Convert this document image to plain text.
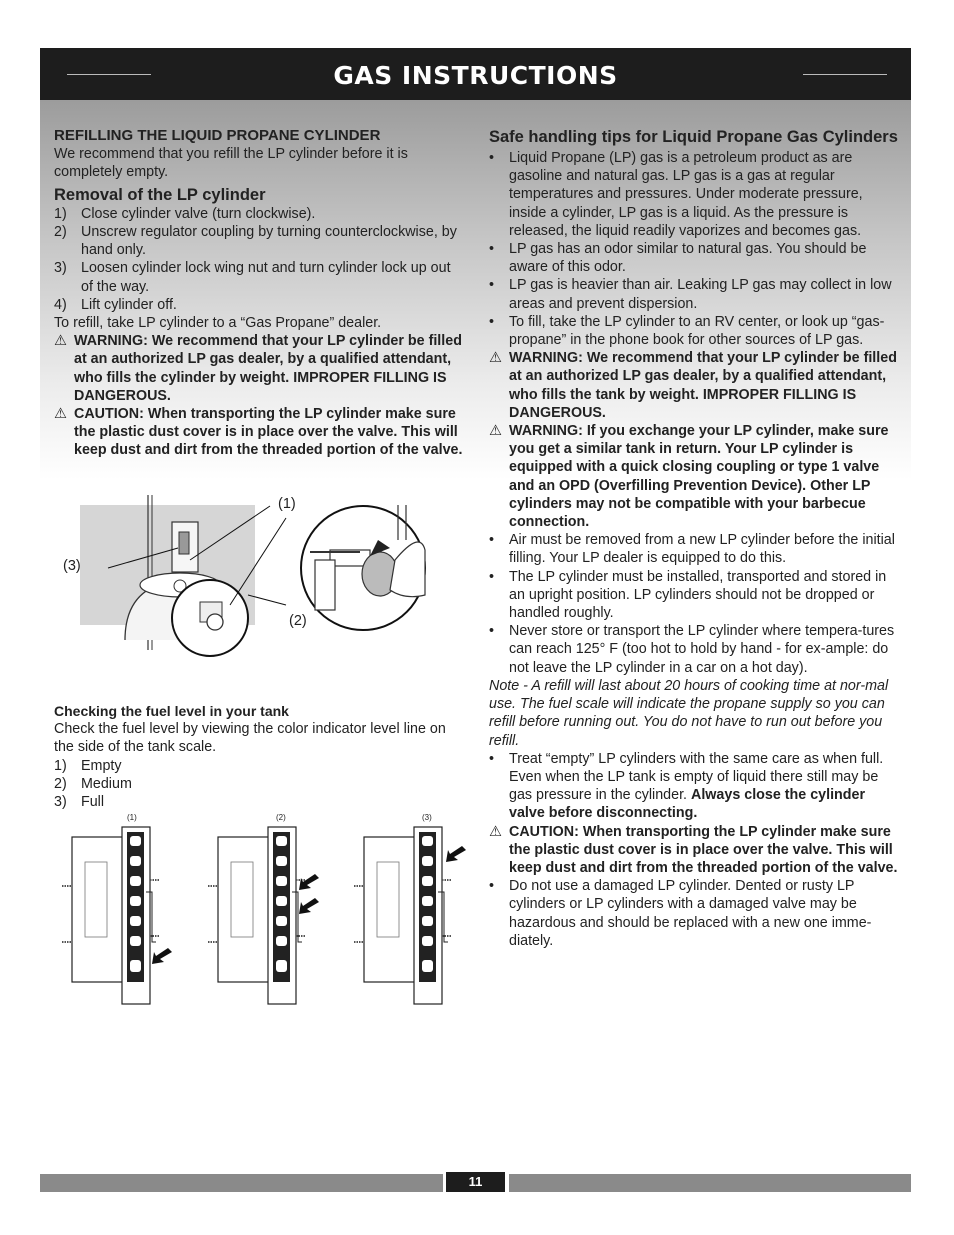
GAS INSTRUCTIONS
REFILLING THE LIQUID PROPANE CYLINDER

We recommend that you refill the LP cylinder before it is completely empty.

Removal of the LP cylinder
1) Close cylinder valve (turn clockwise).
2) Unscrew regulator coupling by turning counterclockwise, by hand only.
3) Loosen cylinder lock wing nut and turn cylinder lock up out of the way.
4) Lift cylinder off.

To refill, take LP cylinder to a “Gas Propane” dealer.

⚠ WARNING: We recommend that your LP cylinder be filled at an authorized LP gas dealer, by a qualified attendant, who fills the cylinder by weight. IMPROPER FILLING IS DANGEROUS.
⚠ CAUTION: When transporting the LP cylinder make sure the plastic dust cover is in place over the valve. This will keep dust and dirt from the threaded portion of the valve.
(1)
(2)
(3)
Checking the fuel level in your tank

Check the fuel level by viewing the color indicator level line on the side of the tank scale.

1) Empty
2) Medium
3) Full
(1)	(2)	(3)
Safe handling tips for Liquid Propane Gas Cylinders
• Liquid Propane (LP) gas is a petroleum product as are gasoline and natural gas. LP gas is a gas at regular temperatures and pressures. Under moderate pressure, inside a cylinder, LP gas is a liquid. As the pressure is released, the liquid readily vaporizes and becomes gas.
• LP gas has an odor similar to natural gas. You should be aware of this odor.
• LP gas is heavier than air. Leaking LP gas may collect in low areas and prevent dispersion.
• To fill, take the LP cylinder to an RV center, or look up “gas-propane” in the phone book for other sources of LP gas.
⚠ WARNING: We recommend that your LP cylinder be filled at an authorized LP gas dealer, by a qualified attendant, who fills the tank by weight. IMPROPER FILLING IS DANGEROUS.
⚠ WARNING: If you exchange your LP cylinder, make sure you get a similar tank in return. Your LP cylinder is equipped with a quick closing coupling or type 1 valve and an OPD (Overfilling Prevention Device). Other LP cylinders may not be compatible with your barbecue connection.
• Air must be removed from a new LP cylinder before the initial filling. Your LP dealer is equipped to do this.
• The LP cylinder must be installed, transported and stored in an upright position. LP cylinders should not be dropped or handled roughly.
• Never store or transport the LP cylinder where tempera-tures can reach 125° F (too hot to hold by hand - for ex-ample: do not leave the LP cylinder in a car on a hot day).

Note - A refill will last about 20 hours of cooking time at nor-mal use. The fuel scale will indicate the propane supply so you can refill before running out. You do not have to run out before you refill.

• Treat “empty” LP cylinders with the same care as when full. Even when the LP tank is empty of liquid there still may be gas pressure in the cylinder. Always close the cylinder valve before disconnecting.
⚠ CAUTION: When transporting the LP cylinder make sure the plastic dust cover is in place over the valve. This will keep dust and dirt from the threaded portion of the valve.
• Do not use a damaged LP cylinder. Dented or rusty LP cylinders or LP cylinders with a damaged valve may be hazardous and should be replaced with a new one imme-diately.
11
